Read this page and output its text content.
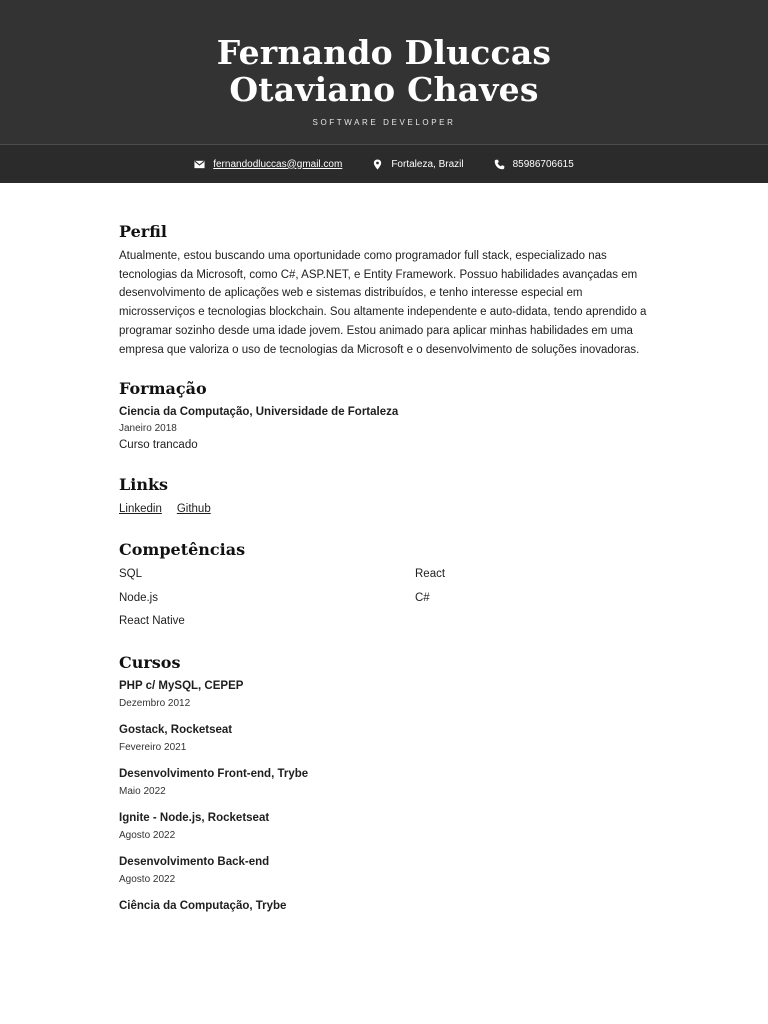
Fernando Dluccas
Otaviano Chaves
SOFTWARE DEVELOPER
fernandodluccas@gmail.com	Fortaleza, Brazil	85986706615
Perfil

Atualmente, estou buscando uma oportunidade como programador full stack, especializado nas tecnologias da Microsoft, como C#, ASP.NET, e Entity Framework. Possuo habilidades avançadas em desenvolvimento de aplicações web e sistemas distribuídos, e tenho interesse especial em microsserviços e tecnologias blockchain. Sou altamente independente e auto-didata, tendo aprendido a programar sozinho desde uma idade jovem. Estou animado para aplicar minhas habilidades em uma empresa que valoriza o uso de tecnologias da Microsoft e o desenvolvimento de soluções inovadoras.

Formação
Ciencia da Computação, Universidade de Fortaleza
Janeiro 2018
Curso trancado
Links
Linkedin Github
Competências
SQL	React
Node.js	C#
React Native
Cursos
PHP c/ MySQL, CEPEP
Dezembro 2012
Gostack, Rocketseat
Fevereiro 2021
Desenvolvimento Front-end, Trybe
Maio 2022
Ignite - Node.js, Rocketseat
Agosto 2022
Desenvolvimento Back-end
Agosto 2022
Ciência da Computação, Trybe
